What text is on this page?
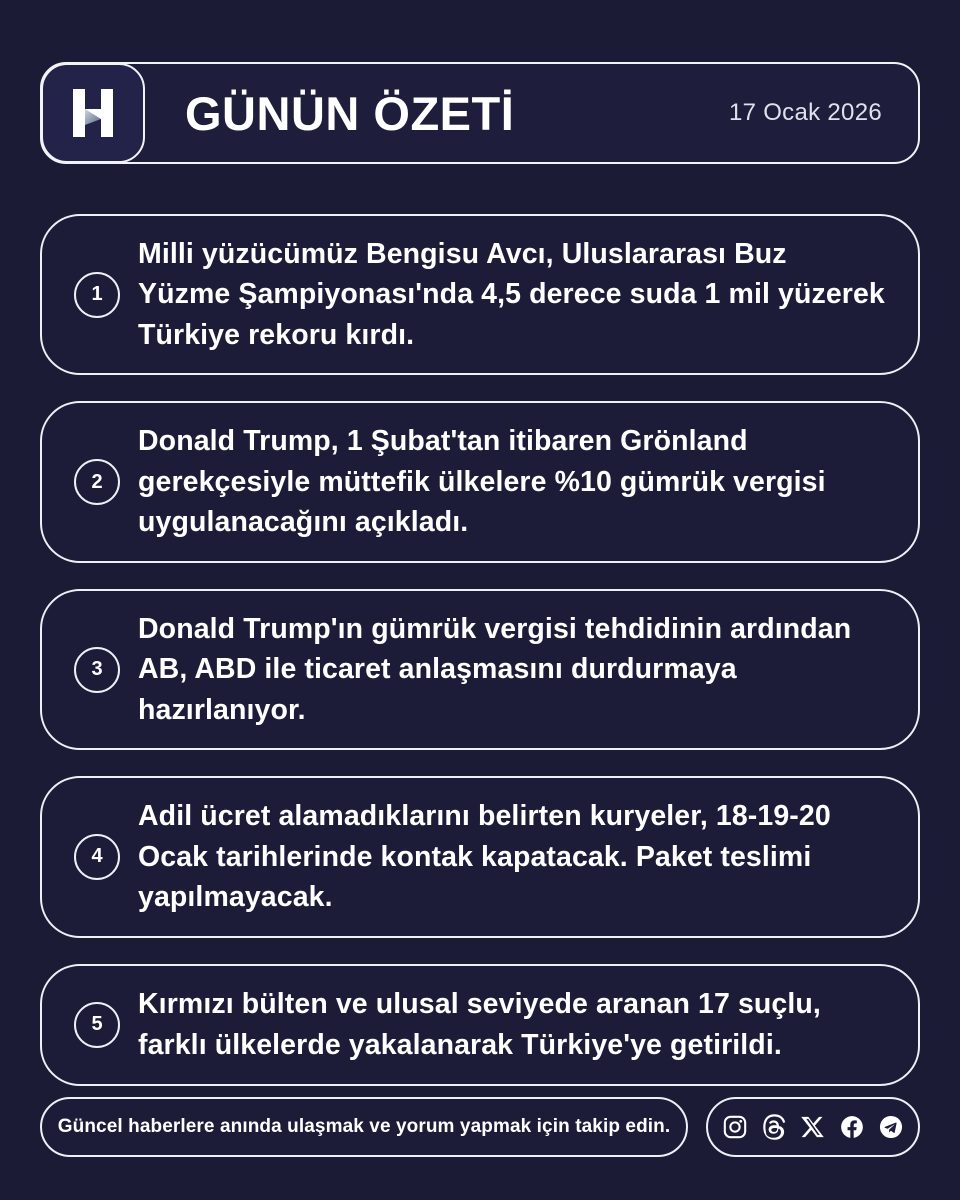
GÜNÜN ÖZETİ	17 Ocak 2026
1
Milli yüzücümüz Bengisu Avcı, Uluslararası Buz Yüzme Şampiyonası'nda 4,5 derece suda 1 mil yüzerek Türkiye rekoru kırdı.
2
Donald Trump, 1 Şubat'tan itibaren Grönland gerekçesiyle müttefik ülkelere %10 gümrük vergisi uygulanacağını açıkladı.
3
Donald Trump'ın gümrük vergisi tehdidinin ardından AB, ABD ile ticaret anlaşmasını durdurmaya hazırlanıyor.
4
Adil ücret alamadıklarını belirten kuryeler, 18-19-20 Ocak tarihlerinde kontak kapatacak. Paket teslimi yapılmayacak.
5
Kırmızı bülten ve ulusal seviyede aranan 17 suçlu, farklı ülkelerde yakalanarak Türkiye'ye getirildi.
Güncel haberlere anında ulaşmak ve yorum yapmak için takip edin.
